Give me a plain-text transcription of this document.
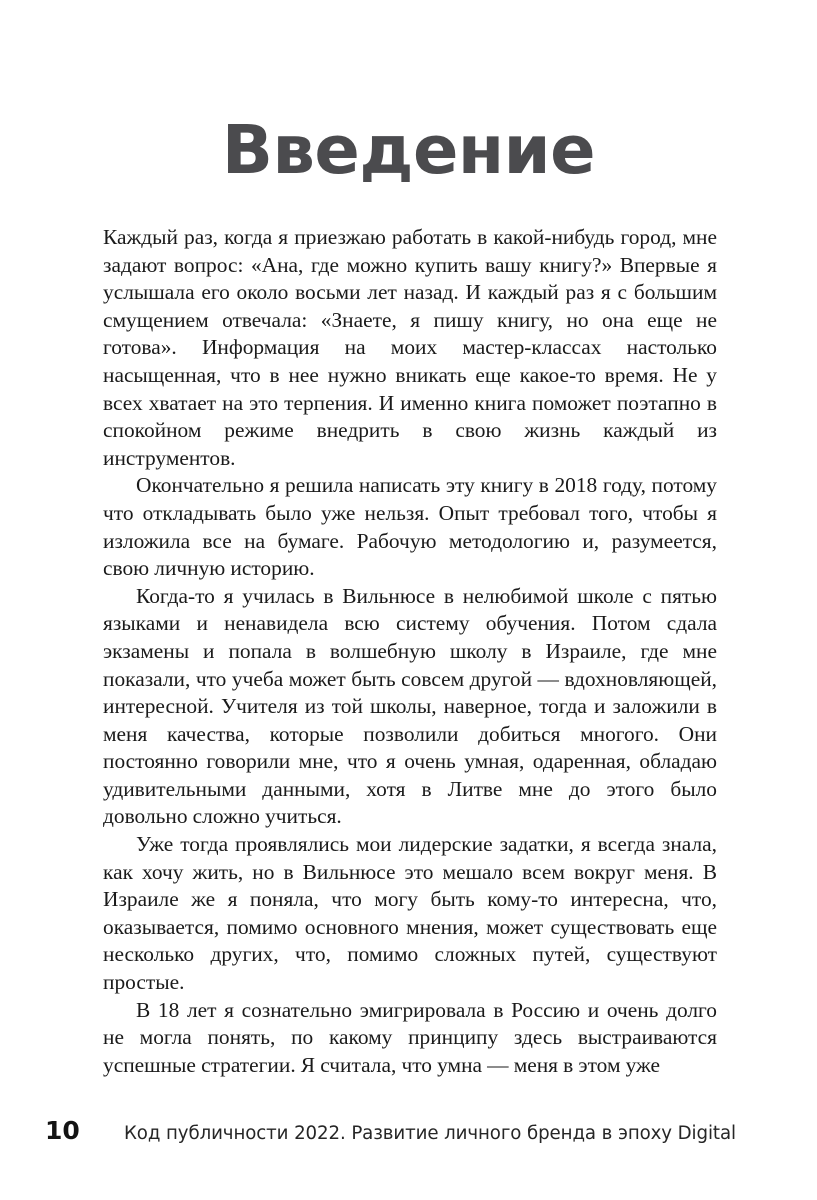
Введение

Каждый раз, когда я приезжаю работать в какой-нибудь город, мне задают вопрос: «Ана, где можно купить вашу книгу?» Впервые я услышала его около восьми лет назад. И каждый раз я с большим смущением отвечала: «Знаете, я пишу книгу, но она еще не готова». Информация на моих мастер-классах настолько насыщенная, что в нее нужно вникать еще какое-то время. Не у всех хватает на это терпения. И именно книга поможет поэтапно в спокойном режиме внедрить в свою жизнь каждый из инструментов.

Окончательно я решила написать эту книгу в 2018 году, потому что откладывать было уже нельзя. Опыт требовал того, чтобы я изложила все на бумаге. Рабочую методологию и, разумеется, свою личную историю.

Когда-то я училась в Вильнюсе в нелюбимой школе с пятью языками и ненавидела всю систему обучения. Потом сдала экзамены и попала в волшебную школу в Израиле, где мне показали, что учеба может быть совсем другой — вдохновляющей, интересной. Учителя из той школы, наверное, тогда и заложили в меня качества, которые позволили добиться многого. Они постоянно говорили мне, что я очень умная, одаренная, обладаю удивительными данными, хотя в Литве мне до этого было довольно сложно учиться.

Уже тогда проявлялись мои лидерские задатки, я всегда знала, как хочу жить, но в Вильнюсе это мешало всем вокруг меня. В Израиле же я поняла, что могу быть кому-то интересна, что, оказывается, помимо основного мнения, может существовать еще несколько других, что, помимо сложных путей, существуют простые.

В 18 лет я сознательно эмигрировала в Россию и очень долго не могла понять, по какому принципу здесь выстраиваются успешные стратегии. Я считала, что умна — меня в этом уже

10	Код публичности 2022. Развитие личного бренда в эпоху Digital
